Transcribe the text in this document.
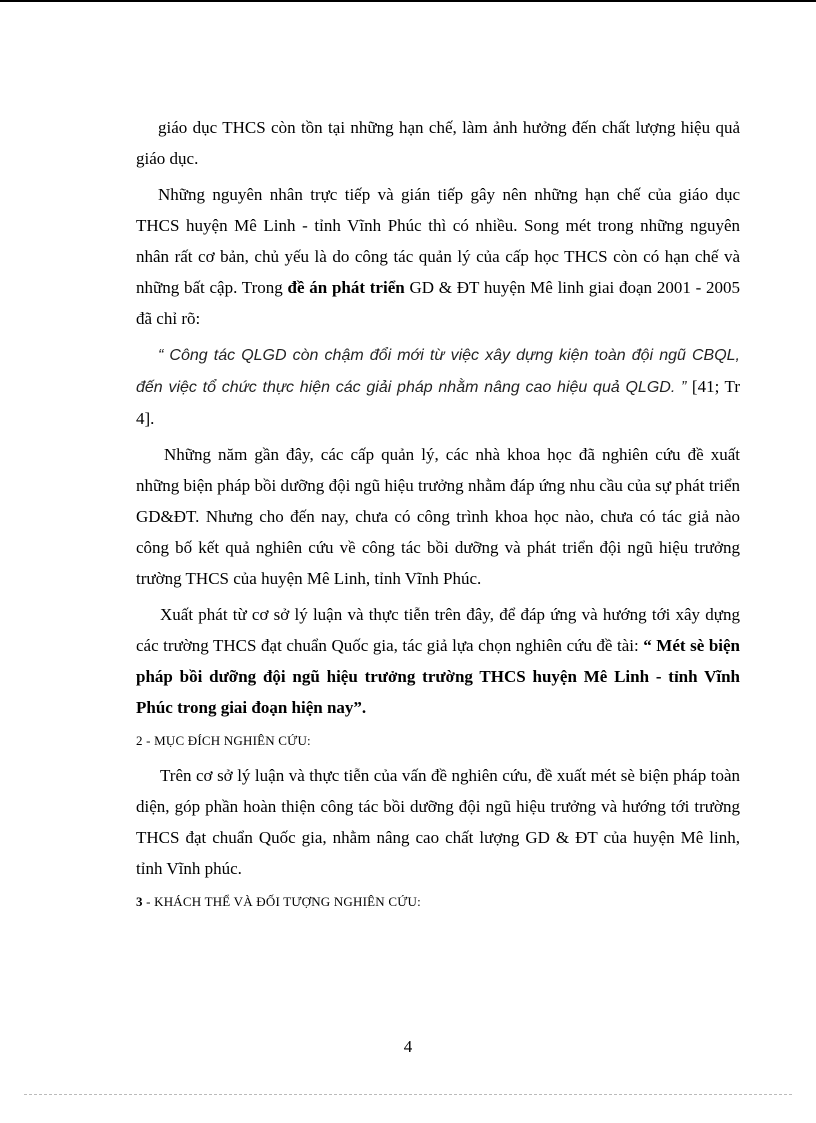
giáo dục THCS còn tồn tại những hạn chế, làm ảnh hưởng đến chất lượng hiệu quả giáo dục.

Những nguyên nhân trực tiếp và gián tiếp gây nên những hạn chế của giáo dục THCS huyện Mê Linh - tỉnh Vĩnh Phúc thì có nhiều. Song mét trong những nguyên nhân rất cơ bản, chủ yếu là do công tác quản lý của cấp học THCS còn có hạn chế và những bất cập. Trong đề án phát triển GD & ĐT huyện Mê linh giai đoạn 2001 - 2005 đã chỉ rõ:

“ Công tác QLGD còn chậm đổi mới từ việc xây dựng kiện toàn đội ngũ CBQL, đến việc tổ chức thực hiện các giải pháp nhằm nâng cao hiệu quả QLGD. ” [41; Tr 4].

Những năm gần đây, các cấp quản lý, các nhà khoa học đã nghiên cứu đề xuất những biện pháp bồi dưỡng đội ngũ hiệu trưởng nhằm đáp ứng nhu cầu của sự phát triển GD&ĐT. Nhưng cho đến nay, chưa có công trình khoa học nào, chưa có tác giả nào công bố kết quả nghiên cứu về công tác bồi dưỡng và phát triển đội ngũ hiệu trưởng trường THCS của huyện Mê Linh, tỉnh Vĩnh Phúc.

Xuất phát từ cơ sở lý luận và thực tiễn trên đây, để đáp ứng và hướng tới xây dựng các trường THCS đạt chuẩn Quốc gia, tác giả lựa chọn nghiên cứu đề tài: “ Mét sè biện pháp bồi dưỡng đội ngũ hiệu trưởng trường THCS huyện Mê Linh - tỉnh Vĩnh Phúc trong giai đoạn hiện nay”.

2 - MỤC ĐÍCH NGHIÊN CỨU:

Trên cơ sở lý luận và thực tiễn của vấn đề nghiên cứu, đề xuất mét sè biện pháp toàn diện, góp phần hoàn thiện công tác bồi dưỡng đội ngũ hiệu trưởng và hướng tới trường THCS đạt chuẩn Quốc gia, nhằm nâng cao chất lượng GD & ĐT của huyện Mê linh, tỉnh Vĩnh phúc.

3 - KHÁCH THỂ VÀ ĐỐI TƯỢNG NGHIÊN CỨU:
4
